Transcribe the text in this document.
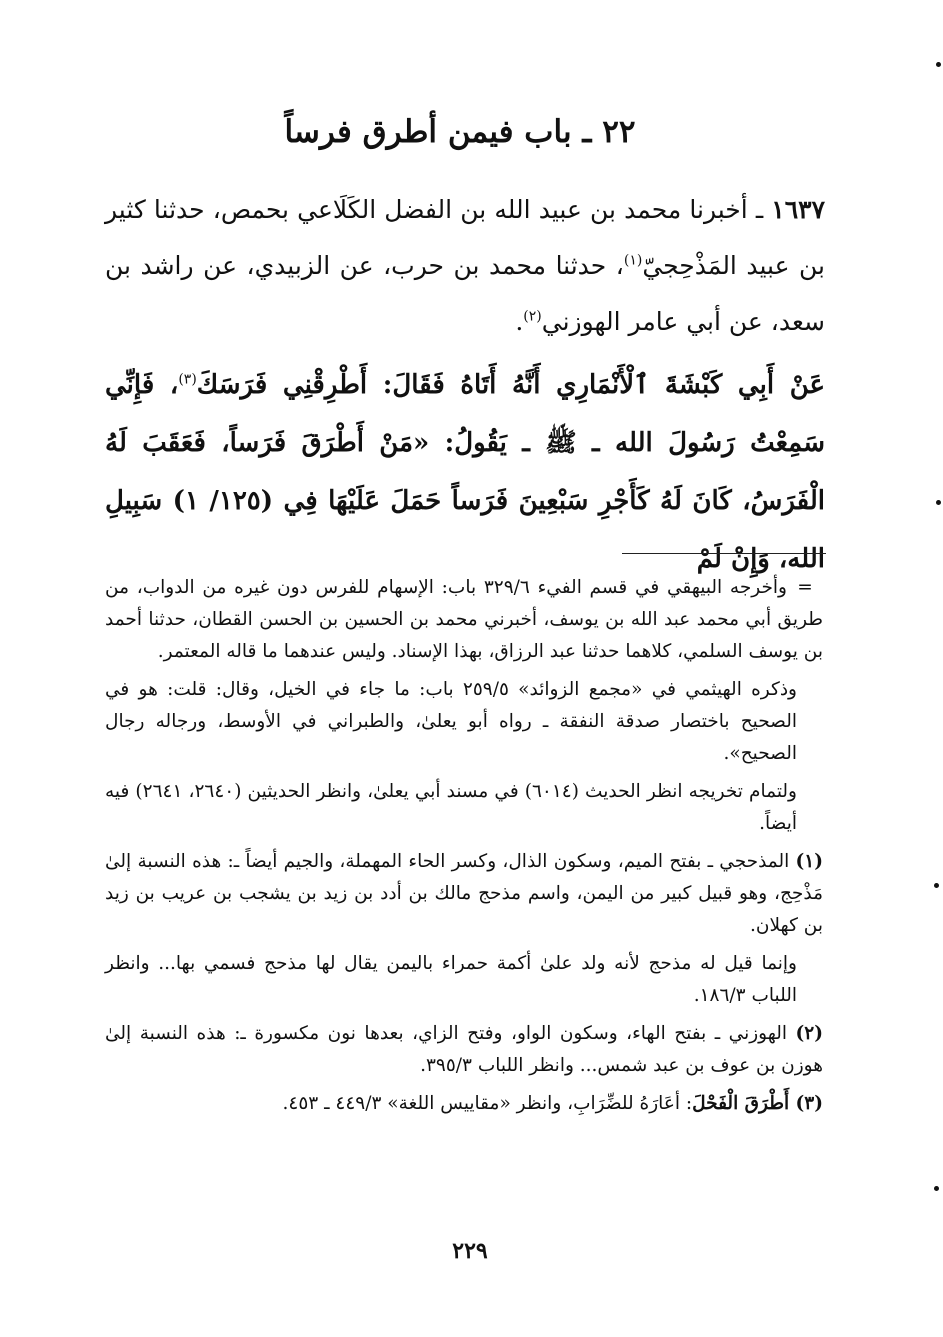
٢٢ ـ باب فيمن أطرق فرساً

١٦٣٧ ـ أخبرنا محمد بن عبيد الله بن الفضل الكَلَاعي بحمص، حدثنا كثير بن عبيد المَذْحِجيّ$^{(١)}$، حدثنا محمد بن حرب، عن الزبيدي، عن راشد بن سعد، عن أبي عامر الهوزني$^{(٢)}$.

عَنْ أَبِي كَبْشَةَ ٱلْأَنْمَارِي أَنَّهُ أَتَاهُ فَقَالَ: أَطْرِقْنِي فَرَسَكَ$^{(٣)}$، فَإِنِّي سَمِعْتُ رَسُولَ الله ـ ﷺ ـ يَقُولُ: «مَنْ أَطْرَقَ فَرَساً، فَعَقَبَ لَهُ الْفَرَسُ، كَانَ لَهُ كَأَجْرِ سَبْعِينَ فَرَساً حَمَلَ عَلَيْهَا فِي (١٢٥/ ١) سَبِيلِ الله، وَإِنْ لَمْ

=وأخرجه البيهقي في قسم الفيء ٣٢٩/٦ باب: الإسهام للفرس دون غيره من الدواب، من طريق أبي محمد عبد الله بن يوسف، أخبرني محمد بن الحسين بن الحسن القطان، حدثنا أحمد بن يوسف السلمي، كلاهما حدثنا عبد الرزاق، بهذا الإسناد. وليس عندهما ما قاله المعتمر.

وذكره الهيثمي في «مجمع الزوائد» ٢٥٩/٥ باب: ما جاء في الخيل، وقال: قلت: هو في الصحيح باختصار صدقة النفقة ـ رواه أبو يعلىٰ، والطبراني في الأوسط، ورجاله رجال الصحيح».

ولتمام تخريجه انظر الحديث (٦٠١٤) في مسند أبي يعلىٰ، وانظر الحديثين (٢٦٤٠، ٢٦٤١) فيه أيضاً.

(١) المذحجي ـ بفتح الميم، وسكون الذال، وكسر الحاء المهملة، والجيم أيضاً ـ: هذه النسبة إلىٰ مَذْحِج، وهو قبيل كبير من اليمن، واسم مذحج مالك بن أدد بن زيد بن يشجب بن عريب بن زيد بن كهلان.

وإنما قيل له مذحج لأنه ولد علىٰ أكمة حمراء باليمن يقال لها مذحج فسمي بها... وانظر اللباب ١٨٦/٣.

(٢) الهوزني ـ بفتح الهاء، وسكون الواو، وفتح الزاي، بعدها نون مكسورة ـ: هذه النسبة إلىٰ هوزن بن عوف بن عبد شمس... وانظر اللباب ٣٩٥/٣.

(٣) أَطْرَقَ الْفَحْلَ: أعَارَهُ للضِّرَابِ، وانظر «مقاييس اللغة» ٤٤٩/٣ ـ ٤٥٣.

٢٢٩
